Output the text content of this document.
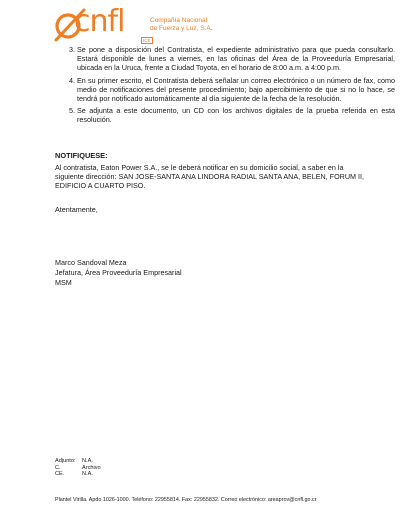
cnfl	Compañía Nacional
de Fuerza y Luz, S.A.
ICE
3. Se pone a disposición del Contratista, el expediente administrativo para que pueda consultarlo. Estará disponible de lunes a viernes, en las oficinas del Área de la Proveeduría Empresarial, ubicada en la Uruca, frente a Ciudad Toyota, en el horario de 8:00 a.m. a 4:00 p.m.
4. En su primer escrito, el Contratista deberá señalar un correo electrónico o un número de fax, como medio de notificaciones del presente procedimiento; bajo apercibimiento de que si no lo hace, se tendrá por notificado automáticamente al día siguiente de la fecha de la resolución.
5. Se adjunta a este documento, un CD con los archivos digitales de la prueba referida en esta resolución.
NOTIFIQUESE:
Al contratista, Eaton Power S.A., se le deberá notificar en su domicilio social, a saber en la siguiente dirección: SAN JOSE-SANTA ANA LINDORA RADIAL SANTA ANA, BELEN, FORUM II, EDIFICIO A CUARTO PISO.
Atentamente,
Marco Sandoval Meza
Jefatura, Área Proveeduría Empresarial
MSM
Adjunto:	N.A.
C.	Archivo
CE.	N.A.
Plantel Virilla. Apdo 1026-1000. Teléfono: 22955814. Fax: 22955832. Correo electrónico: areaprov@cnfl.go.cr
